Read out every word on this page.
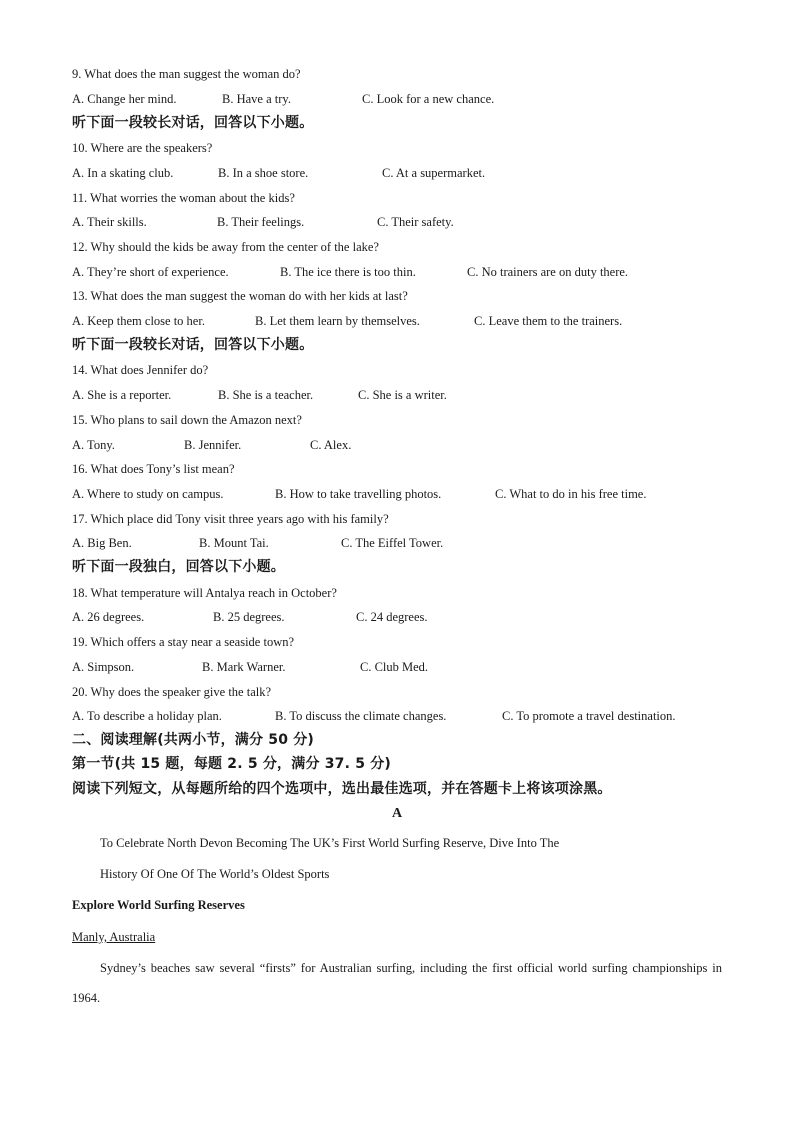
9. What does the man suggest the woman do?
A. Change her mind.	B. Have a try.	C. Look for a new chance.
听下面一段较长对话，回答以下小题。
10. Where are the speakers?
A. In a skating club.	B. In a shoe store.	C. At a supermarket.
11. What worries the woman about the kids?
A. Their skills.	B. Their feelings.	C. Their safety.
12. Why should the kids be away from the center of the lake?
A. They’re short of experience.	B. The ice there is too thin.	C. No trainers are on duty there.
13. What does the man suggest the woman do with her kids at last?
A. Keep them close to her.	B. Let them learn by themselves.	C. Leave them to the trainers.
听下面一段较长对话，回答以下小题。
14. What does Jennifer do?
A. She is a reporter.	B. She is a teacher.	C. She is a writer.
15. Who plans to sail down the Amazon next?
A. Tony.	B. Jennifer.	C. Alex.
16. What does Tony’s list mean?
A. Where to study on campus.	B. How to take travelling photos.	C. What to do in his free time.
17. Which place did Tony visit three years ago with his family?
A. Big Ben.	B. Mount Tai.	C. The Eiffel Tower.
听下面一段独白，回答以下小题。
18. What temperature will Antalya reach in October?
A. 26 degrees.	B. 25 degrees.	C. 24 degrees.
19. Which offers a stay near a seaside town?
A. Simpson.	B. Mark Warner.	C. Club Med.
20. Why does the speaker give the talk?
A. To describe a holiday plan.	B. To discuss the climate changes.	C. To promote a travel destination.
二、阅读理解(共两小节，满分 50 分)
第一节(共 15 题，每题 2. 5 分，满分 37. 5 分)
阅读下列短文，从每题所给的四个选项中，选出最佳选项，并在答题卡上将该项涂黑。
A
To Celebrate North Devon Becoming The UK’s First World Surfing Reserve, Dive Into The
History Of One Of The World’s Oldest Sports
Explore World Surfing Reserves
Manly, Australia
Sydney’s beaches saw several “firsts” for Australian surfing, including the first official world surfing championships in 1964.
